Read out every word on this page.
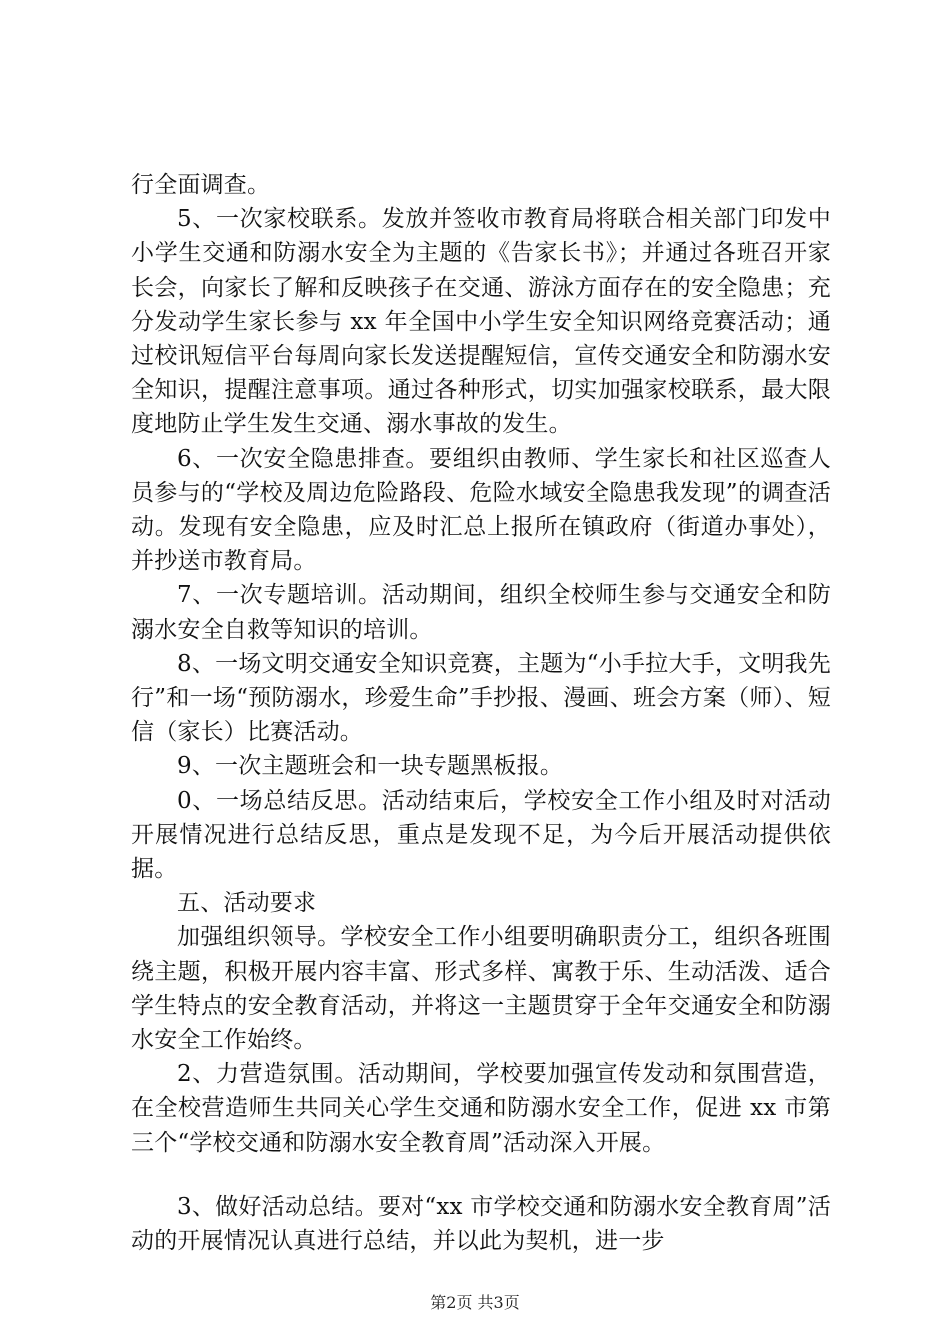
行全面调查。

5、一次家校联系。发放并签收市教育局将联合相关部门印发中小学生交通和防溺水安全为主题的《告家长书》；并通过各班召开家长会，向家长了解和反映孩子在交通、游泳方面存在的安全隐患；充分发动学生家长参与 xx 年全国中小学生安全知识网络竞赛活动；通过校讯短信平台每周向家长发送提醒短信，宣传交通安全和防溺水安全知识，提醒注意事项。通过各种形式，切实加强家校联系，最大限度地防止学生发生交通、溺水事故的发生。

6、一次安全隐患排查。要组织由教师、学生家长和社区巡查人员参与的“学校及周边危险路段、危险水域安全隐患我发现”的调查活动。发现有安全隐患，应及时汇总上报所在镇政府（街道办事处），并抄送市教育局。

7、一次专题培训。活动期间，组织全校师生参与交通安全和防溺水安全自救等知识的培训。

8、一场文明交通安全知识竞赛，主题为“小手拉大手，文明我先行”和一场“预防溺水，珍爱生命”手抄报、漫画、班会方案（师）、短信（家长）比赛活动。

9、一次主题班会和一块专题黑板报。

0、一场总结反思。活动结束后，学校安全工作小组及时对活动开展情况进行总结反思，重点是发现不足，为今后开展活动提供依据。

五、活动要求

加强组织领导。学校安全工作小组要明确职责分工，组织各班围绕主题，积极开展内容丰富、形式多样、寓教于乐、生动活泼、适合学生特点的安全教育活动，并将这一主题贯穿于全年交通安全和防溺水安全工作始终。

2、力营造氛围。活动期间，学校要加强宣传发动和氛围营造，在全校营造师生共同关心学生交通和防溺水安全工作，促进 xx 市第三个“学校交通和防溺水安全教育周”活动深入开展。

3、做好活动总结。要对“xx 市学校交通和防溺水安全教育周”活动的开展情况认真进行总结，并以此为契机，进一步

第2页 共3页
